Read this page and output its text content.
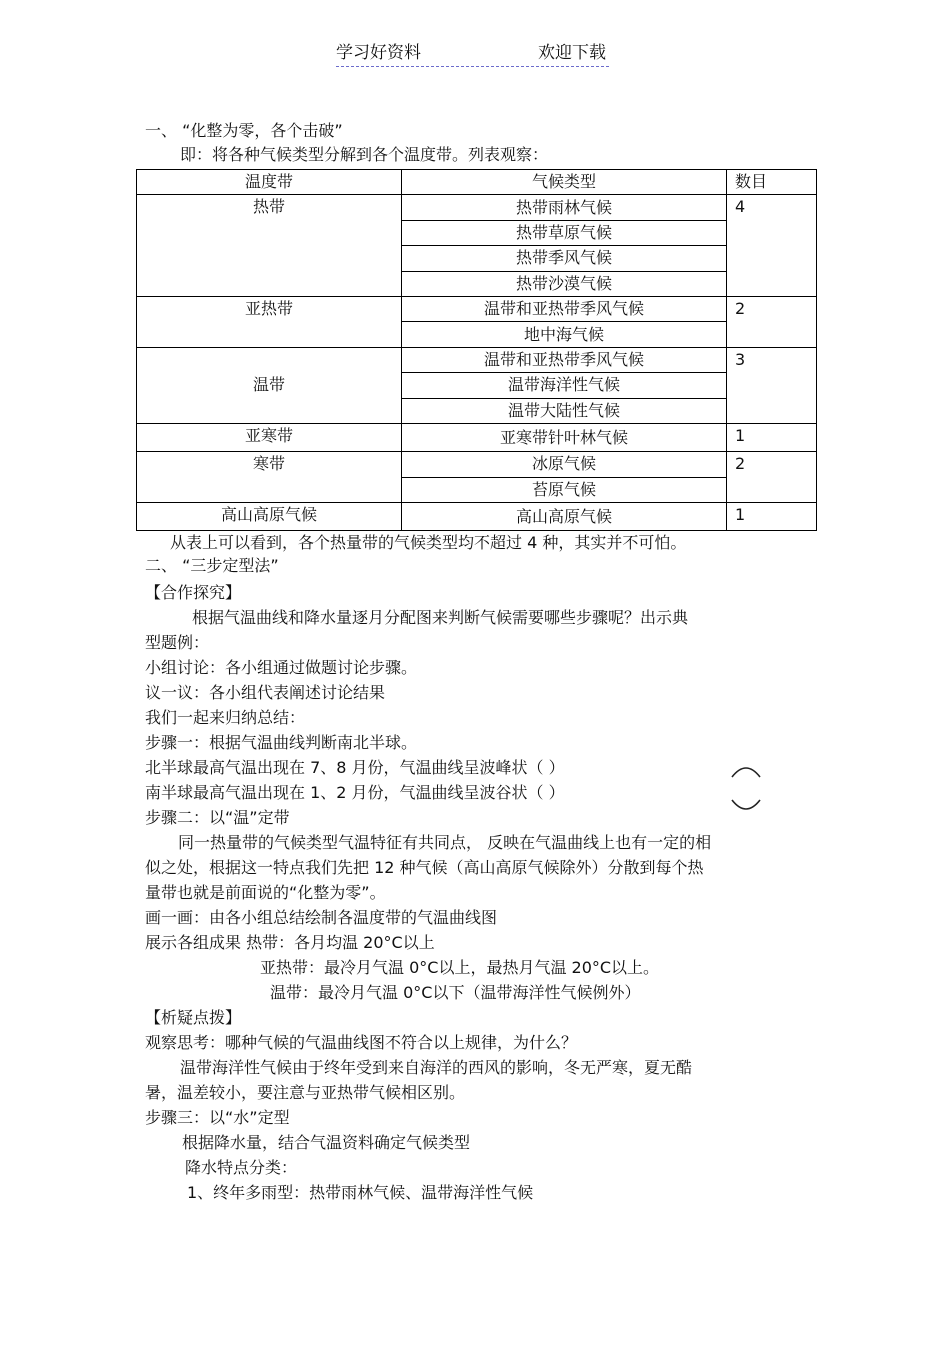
学习好资料	欢迎下载
一、 “化整为零，各个击破”
即：将各种气候类型分解到各个温度带。列表观察：
温度带	气候类型	数目
热带	热带雨林气候	4
	热带草原气候	
	热带季风气候	
	热带沙漠气候	
亚热带	温带和亚热带季风气候	2
	地中海气候	
温带	温带和亚热带季风气候	3
	温带海洋性气候	
	温带大陆性气候	
亚寒带	亚寒带针叶林气候	1
寒带	冰原气候	2
	苔原气候	
高山高原气候	高山高原气候	1
从表上可以看到，各个热量带的气候类型均不超过 4 种，其实并不可怕。
二、 “三步定型法”
【合作探究】
根据气温曲线和降水量逐月分配图来判断气候需要哪些步骤呢？出示典
型题例：
小组讨论：各小组通过做题讨论步骤。
议一议：各小组代表阐述讨论结果
我们一起来归纳总结：
步骤一：根据气温曲线判断南北半球。
北半球最高气温出现在 7、8 月份，气温曲线呈波峰状（ ）
南半球最高气温出现在 1、2 月份，气温曲线呈波谷状（ ）
步骤二：以“温”定带
同一热量带的气候类型气温特征有共同点， 反映在气温曲线上也有一定的相
似之处，根据这一特点我们先把 12 种气候（高山高原气候除外）分散到每个热
量带也就是前面说的“化整为零”。
画一画：由各小组总结绘制各温度带的气温曲线图
展示各组成果 热带：各月均温 20°C以上
亚热带：最冷月气温 0°C以上，最热月气温 20°C以上。
温带：最冷月气温 0°C以下（温带海洋性气候例外）
【析疑点拨】
观察思考：哪种气候的气温曲线图不符合以上规律，为什么？
温带海洋性气候由于终年受到来自海洋的西风的影响，冬无严寒，夏无酷
暑，温差较小，要注意与亚热带气候相区别。
步骤三：以“水”定型
根据降水量，结合气温资料确定气候类型
降水特点分类：
1、终年多雨型：热带雨林气候、温带海洋性气候
